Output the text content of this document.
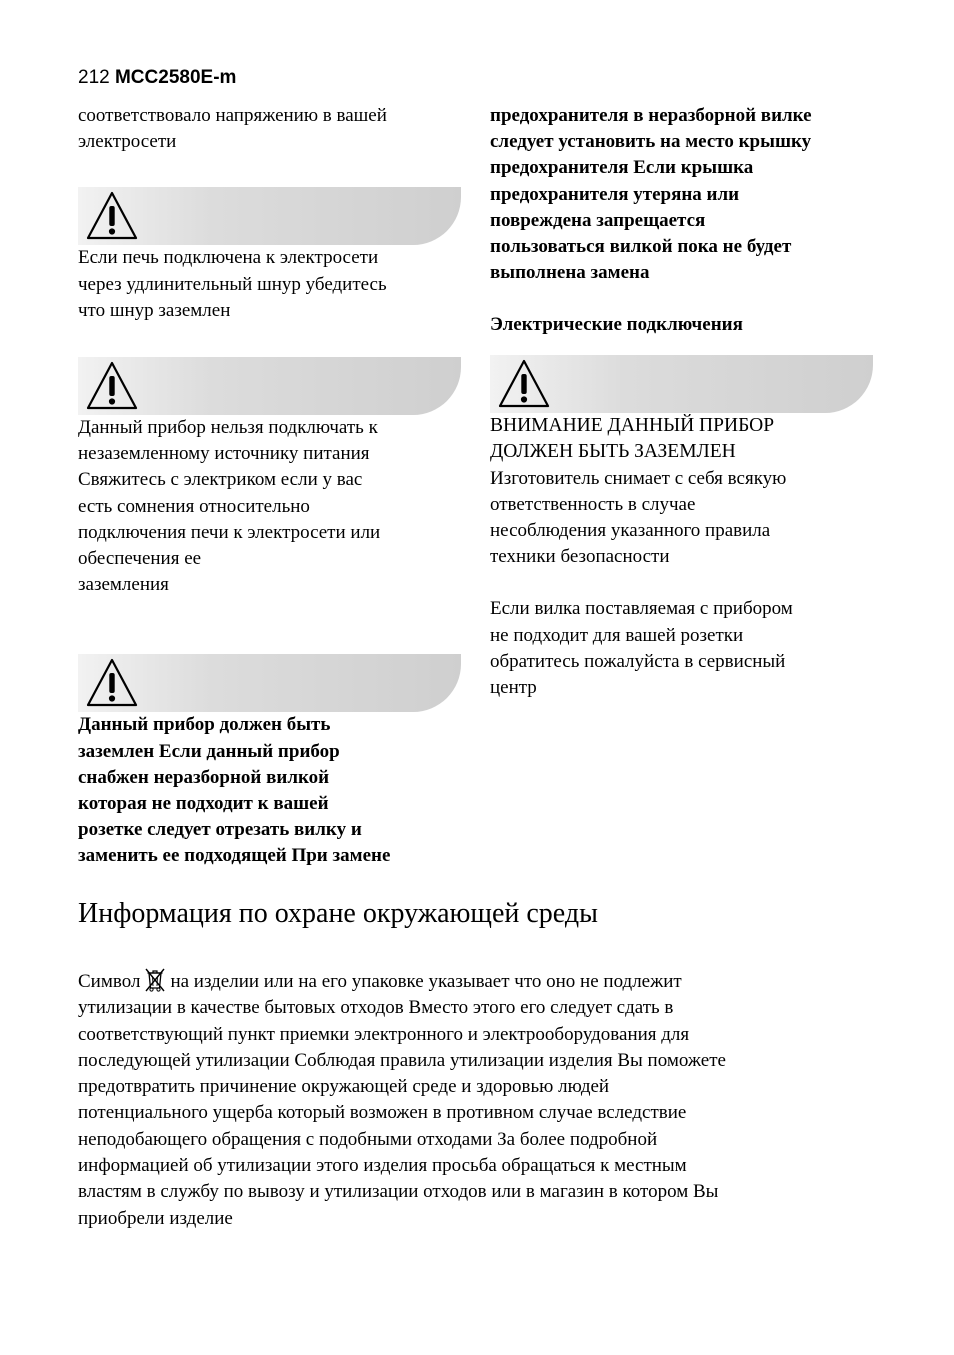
212 MCC2580E-m

соответствовало напряжению в вашей
электросети

Если печь подключена к электросети
через удлинительный шнур убедитесь
что шнур заземлен

Данный прибор нельзя подключать к
незаземленному источнику питания
Свяжитесь с электриком если у вас
есть сомнения относительно
подключения печи к электросети или
обеспечения ее
заземления

Данный прибор должен быть
заземлен Если данный прибор
снабжен неразборной вилкой
которая не подходит к вашей
розетке следует отрезать вилку и
заменить ее подходящей При замене

предохранителя в неразборной вилке
следует установить на место крышку
предохранителя Если крышка
предохранителя утеряна или
повреждена запрещается
пользоваться вилкой пока не будет
выполнена замена

Электрические подключения

ВНИМАНИЕ ДАННЫЙ ПРИБОР
ДОЛЖЕН БЫТЬ ЗАЗЕМЛЕН

Изготовитель снимает с себя всякую
ответственность в случае
несоблюдения указанного правила
техники безопасности

Если вилка поставляемая с прибором
не подходит для вашей розетки
обратитесь пожалуйста в сервисный
центр

Информация по охране окружающей среды
Символ на изделии или на его упаковке указывает что оно не подлежит
утилизации в качестве бытовых отходов Вместо этого его следует сдать в
соответствующий пункт приемки электронного и электрооборудования для
последующей утилизации Соблюдая правила утилизации изделия Вы поможете
предотвратить причинение окружающей среде и здоровью людей
потенциального ущерба который возможен в противном случае вследствие
неподобающего обращения с подобными отходами За более подробной
информацией об утилизации этого изделия просьба обращаться к местным
властям в службу по вывозу и утилизации отходов или в магазин в котором Вы
приобрели изделие
